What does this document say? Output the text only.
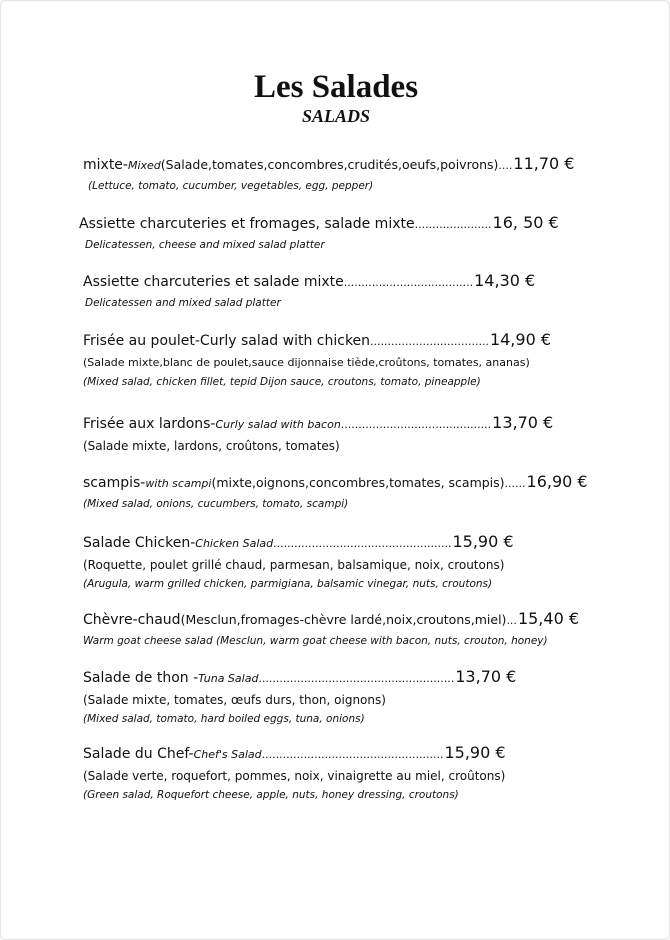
Les Salades
SALADS
mixte- Mixed (Salade,tomates,concombres,crudités,oeufs,poivrons) .... 11,70 €
(Lettuce, tomato, cucumber, vegetables, egg, pepper)
Assiette charcuteries et fromages, salade mixte ...................... 16, 50 €
Delicatessen, cheese and mixed salad platter
Assiette charcuteries et salade mixte ..................................... 14,30 €
Delicatessen and mixed salad platter
Frisée au poulet-Curly salad with chicken .................................. 14,90 €
(Salade mixte,blanc de poulet,sauce dijonnaise tiède,croûtons, tomates, ananas)
(Mixed salad, chicken fillet, tepid Dijon sauce, croutons, tomato, pineapple)
Frisée aux lardons- Curly salad with bacon ........................................... 13,70 €
(Salade mixte, lardons, croûtons, tomates)
scampis- with scampi (mixte,oignons,concombres,tomates, scampis) ...... 16,90 €
(Mixed salad, onions, cucumbers, tomato, scampi)
Salade Chicken- Chicken Salad ................................................... 15,90 €
(Roquette, poulet grillé chaud, parmesan, balsamique, noix, croutons)
(Arugula, warm grilled chicken, parmigiana, balsamic vinegar, nuts, croutons)
Chèvre-chaud (Mesclun,fromages-chèvre lardé,noix,croutons,miel) ... 15,40 €
Warm goat cheese salad (Mesclun, warm goat cheese with bacon, nuts, crouton, honey)
Salade de thon - Tuna Salad ........................................................ 13,70 €
(Salade mixte, tomates, œufs durs, thon, oignons)
(Mixed salad, tomato, hard boiled eggs, tuna, onions)
Salade du Chef- Chef's Salad .................................................... 15,90 €
(Salade verte, roquefort, pommes, noix, vinaigrette au miel, croûtons)
(Green salad, Roquefort cheese, apple, nuts, honey dressing, croutons)
